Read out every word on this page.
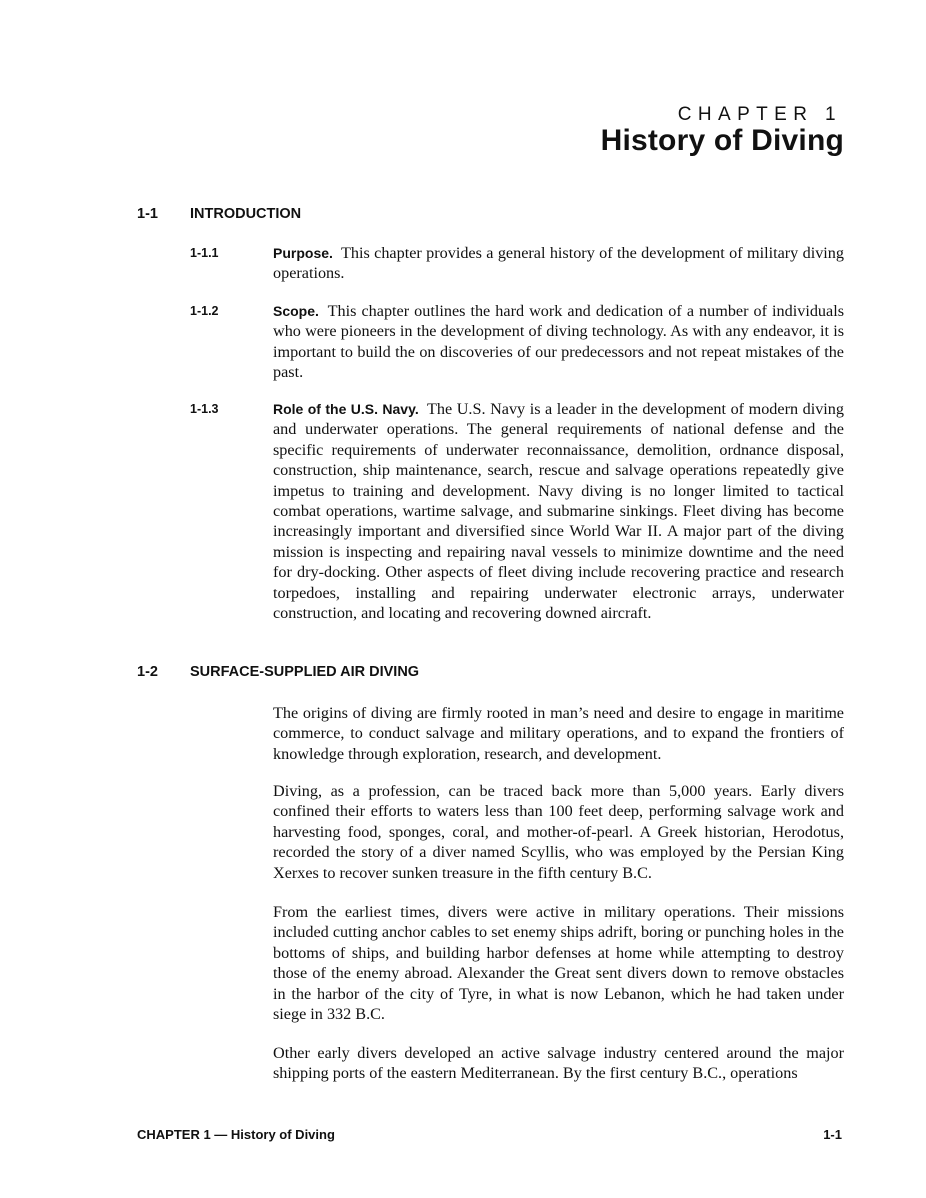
CHAPTER 1
History of Diving
1-1 INTRODUCTION
1-1.1	Purpose. This chapter provides a general history of the development of military diving operations.
1-1.2	Scope. This chapter outlines the hard work and dedication of a number of individuals who were pioneers in the development of diving technology. As with any endeavor, it is important to build the on discoveries of our predecessors and not repeat mistakes of the past.
1-1.3	Role of the U.S. Navy. The U.S. Navy is a leader in the development of modern diving and underwater operations. The general requirements of national defense and the specific requirements of underwater reconnaissance, demolition, ordnance disposal, construction, ship maintenance, search, rescue and salvage operations repeatedly give impetus to training and development. Navy diving is no longer limited to tactical combat operations, wartime salvage, and submarine sinkings. Fleet diving has become increasingly important and diversified since World War II. A major part of the diving mission is inspecting and repairing naval vessels to minimize downtime and the need for dry-docking. Other aspects of fleet diving include recovering practice and research torpedoes, installing and repairing underwater electronic arrays, underwater construction, and locating and recovering downed aircraft.
1-2 SURFACE-SUPPLIED AIR DIVING
The origins of diving are firmly rooted in man’s need and desire to engage in maritime commerce, to conduct salvage and military operations, and to expand the frontiers of knowledge through exploration, research, and development.
Diving, as a profession, can be traced back more than 5,000 years. Early divers confined their efforts to waters less than 100 feet deep, performing salvage work and harvesting food, sponges, coral, and mother-of-pearl. A Greek historian, Herodotus, recorded the story of a diver named Scyllis, who was employed by the Persian King Xerxes to recover sunken treasure in the fifth century B.C.
From the earliest times, divers were active in military operations. Their missions included cutting anchor cables to set enemy ships adrift, boring or punching holes in the bottoms of ships, and building harbor defenses at home while attempting to destroy those of the enemy abroad. Alexander the Great sent divers down to remove obstacles in the harbor of the city of Tyre, in what is now Lebanon, which he had taken under siege in 332 B.C.
Other early divers developed an active salvage industry centered around the major shipping ports of the eastern Mediterranean. By the first century B.C., operations
CHAPTER 1 — History of Diving	1-1
